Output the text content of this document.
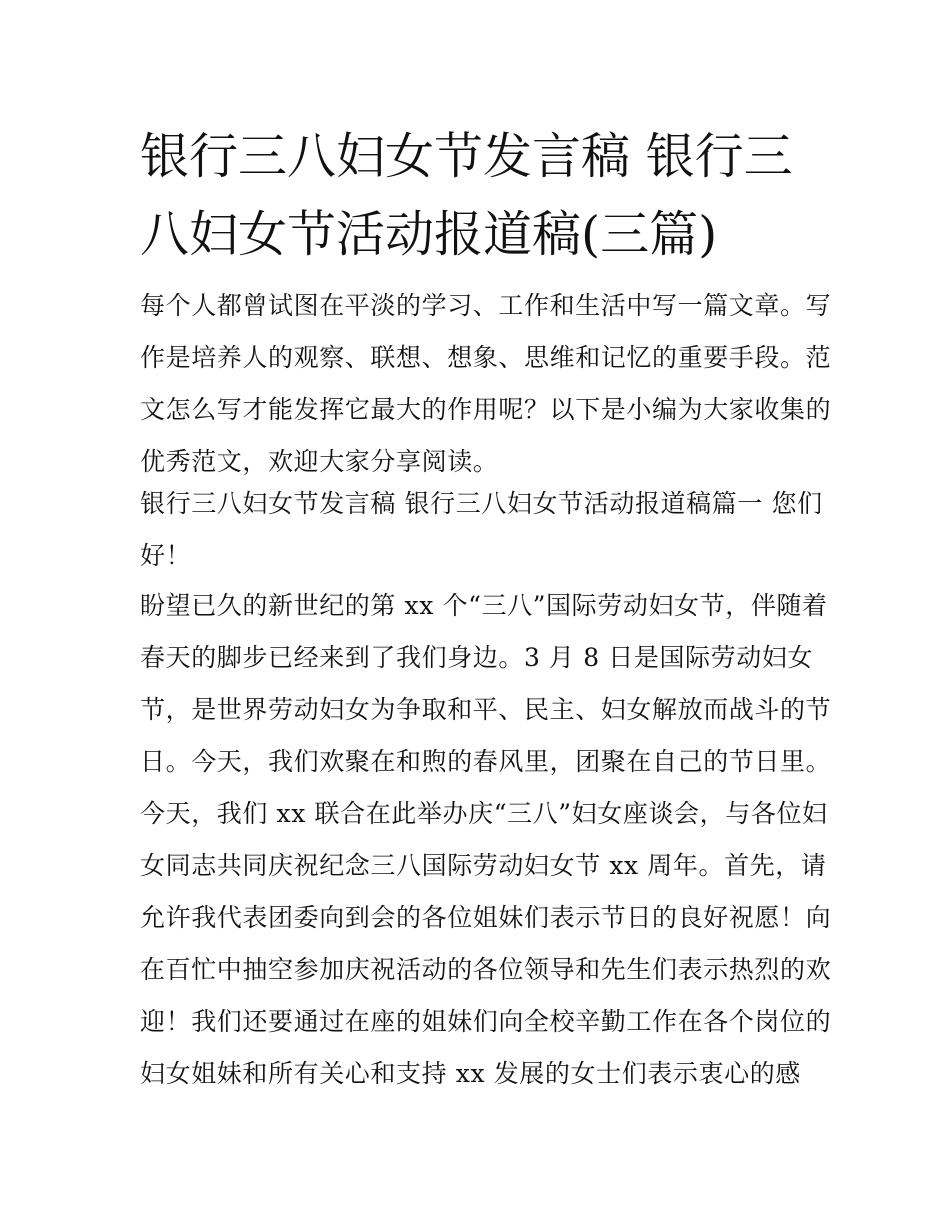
银行三八妇女节发言稿 银行三
八妇女节活动报道稿(三篇)

每个人都曾试图在平淡的学习、工作和生活中写一篇文章。写
作是培养人的观察、联想、想象、思维和记忆的重要手段。范
文怎么写才能发挥它最大的作用呢？以下是小编为大家收集的
优秀范文，欢迎大家分享阅读。

银行三八妇女节发言稿 银行三八妇女节活动报道稿篇一 您们
好！

盼望已久的新世纪的第 xx 个“三八”国际劳动妇女节，伴随着
春天的脚步已经来到了我们身边。3 月 8 日是国际劳动妇女
节，是世界劳动妇女为争取和平、民主、妇女解放而战斗的节
日。今天，我们欢聚在和煦的春风里，团聚在自己的节日里。
今天，我们 xx 联合在此举办庆“三八”妇女座谈会，与各位妇
女同志共同庆祝纪念三八国际劳动妇女节 xx 周年。首先，请
允许我代表团委向到会的各位姐妹们表示节日的良好祝愿！向
在百忙中抽空参加庆祝活动的各位领导和先生们表示热烈的欢
迎！我们还要通过在座的姐妹们向全校辛勤工作在各个岗位的
妇女姐妹和所有关心和支持 xx 发展的女士们表示衷心的感
